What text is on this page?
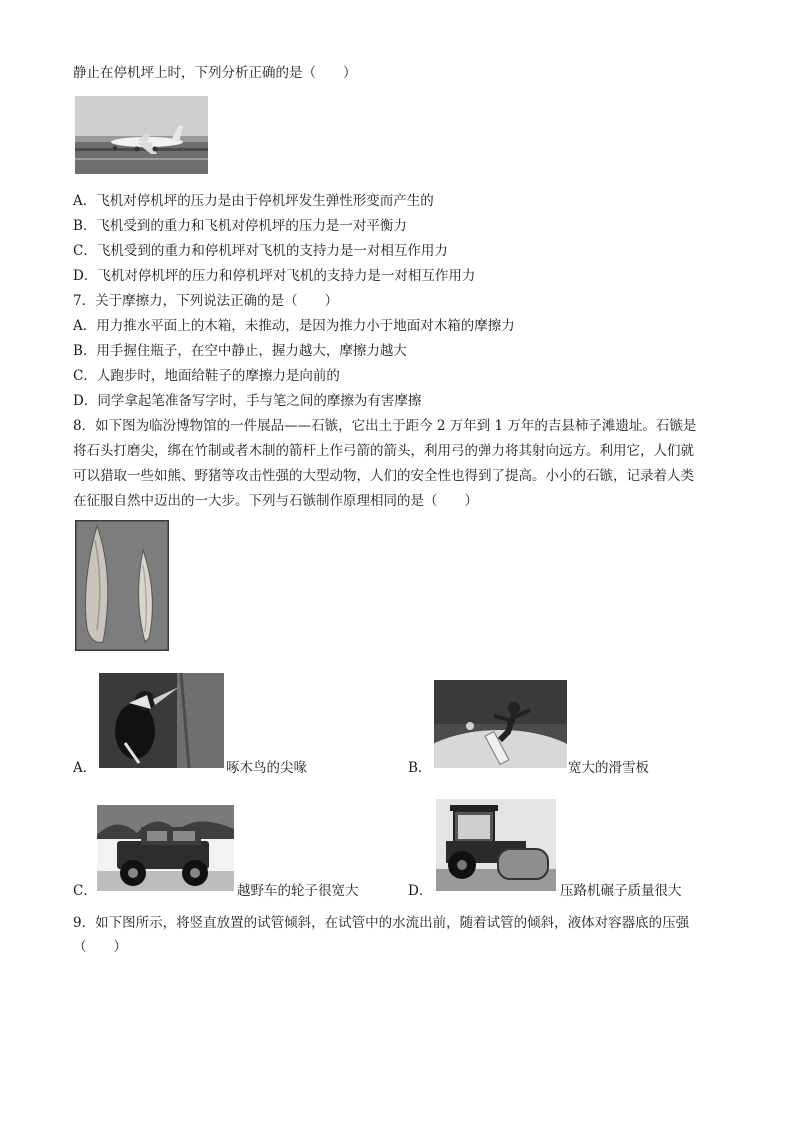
静止在停机坪上时，下列分析正确的是（　　）
A．飞机对停机坪的压力是由于停机坪发生弹性形变而产生的
B．飞机受到的重力和飞机对停机坪的压力是一对平衡力
C．飞机受到的重力和停机坪对飞机的支持力是一对相互作用力
D．飞机对停机坪的压力和停机坪对飞机的支持力是一对相互作用力
7．关于摩擦力，下列说法正确的是（　　）
A．用力推水平面上的木箱，未推动，是因为推力小于地面对木箱的摩擦力
B．用手握住瓶子，在空中静止，握力越大，摩擦力越大
C．人跑步时，地面给鞋子的摩擦力是向前的
D．同学拿起笔准备写字时，手与笔之间的摩擦为有害摩擦
8．如下图为临汾博物馆的一件展品——石镞，它出土于距今 2 万年到 1 万年的吉县柿子滩遗址。石镞是
将石头打磨尖，绑在竹制或者木制的箭杆上作弓箭的箭头，利用弓的弹力将其射向远方。利用它，人们就
可以猎取一些如熊、野猪等攻击性强的大型动物，人们的安全性也得到了提高。小小的石镞，记录着人类
在征服自然中迈出的一大步。下列与石镞制作原理相同的是（　　）
A．	啄木鸟的尖喙	B．	宽大的滑雪板
C．	越野车的轮子很宽大	D．	压路机碾子质量很大
9．如下图所示，将竖直放置的试管倾斜，在试管中的水流出前，随着试管的倾斜，液体对容器底的压强
（　　）
